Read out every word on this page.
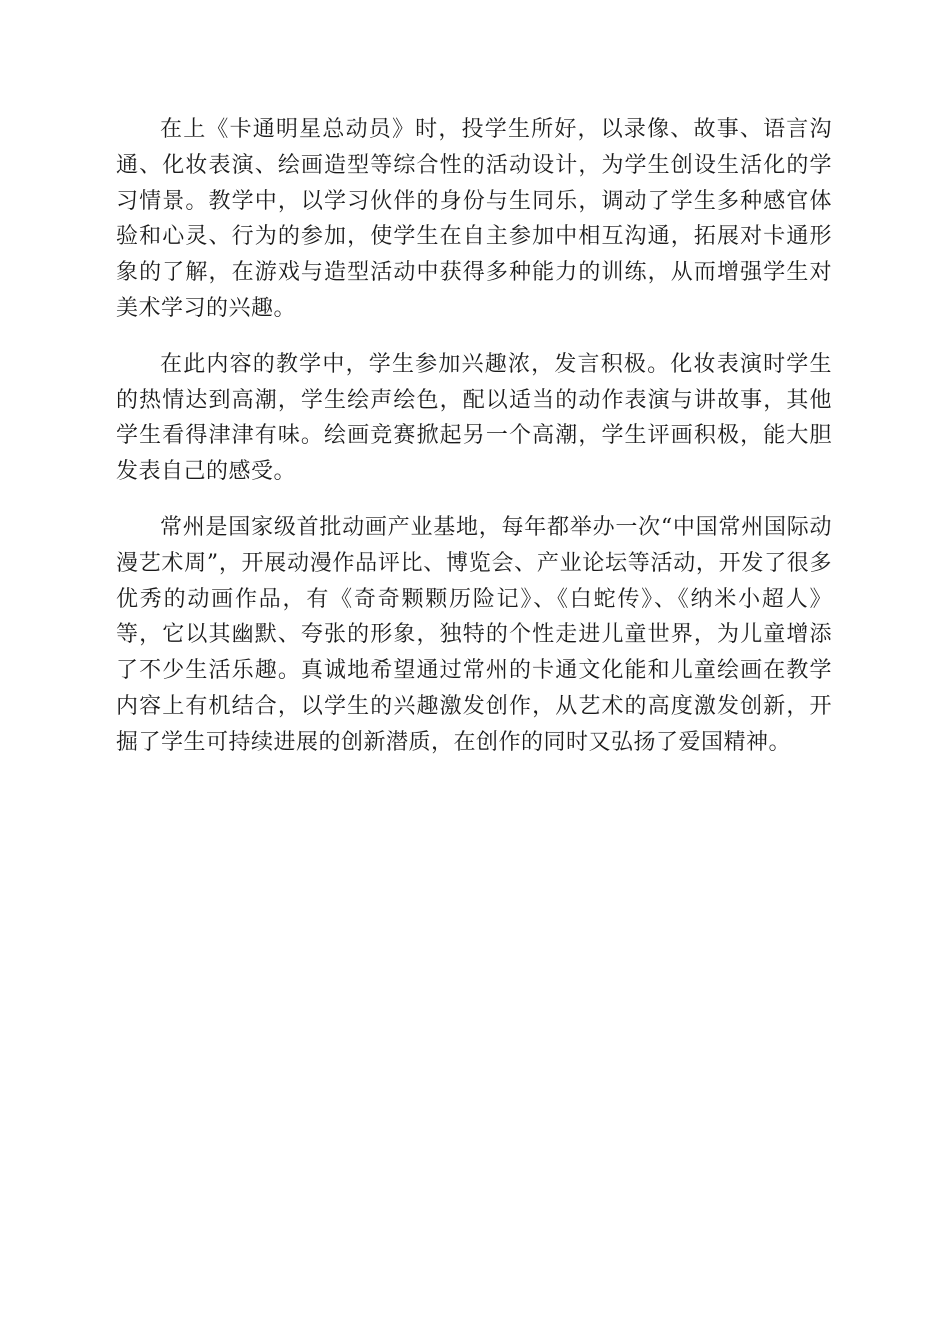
在上《卡通明星总动员》时，投学生所好，以录像、故事、语言沟通、化妆表演、绘画造型等综合性的活动设计，为学生创设生活化的学习情景。教学中，以学习伙伴的身份与生同乐，调动了学生多种感官体验和心灵、行为的参加，使学生在自主参加中相互沟通，拓展对卡通形象的了解，在游戏与造型活动中获得多种能力的训练，从而增强学生对美术学习的兴趣。

在此内容的教学中，学生参加兴趣浓，发言积极。化妆表演时学生的热情达到高潮，学生绘声绘色，配以适当的动作表演与讲故事，其他学生看得津津有味。绘画竞赛掀起另一个高潮，学生评画积极，能大胆发表自己的感受。

常州是国家级首批动画产业基地，每年都举办一次“中国常州国际动漫艺术周”，开展动漫作品评比、博览会、产业论坛等活动，开发了很多优秀的动画作品，有《奇奇颗颗历险记》、《白蛇传》、《纳米小超人》等，它以其幽默、夸张的形象，独特的个性走进儿童世界，为儿童增添了不少生活乐趣。真诚地希望通过常州的卡通文化能和儿童绘画在教学内容上有机结合，以学生的兴趣激发创作，从艺术的高度激发创新，开掘了学生可持续进展的创新潜质，在创作的同时又弘扬了爱国精神。
